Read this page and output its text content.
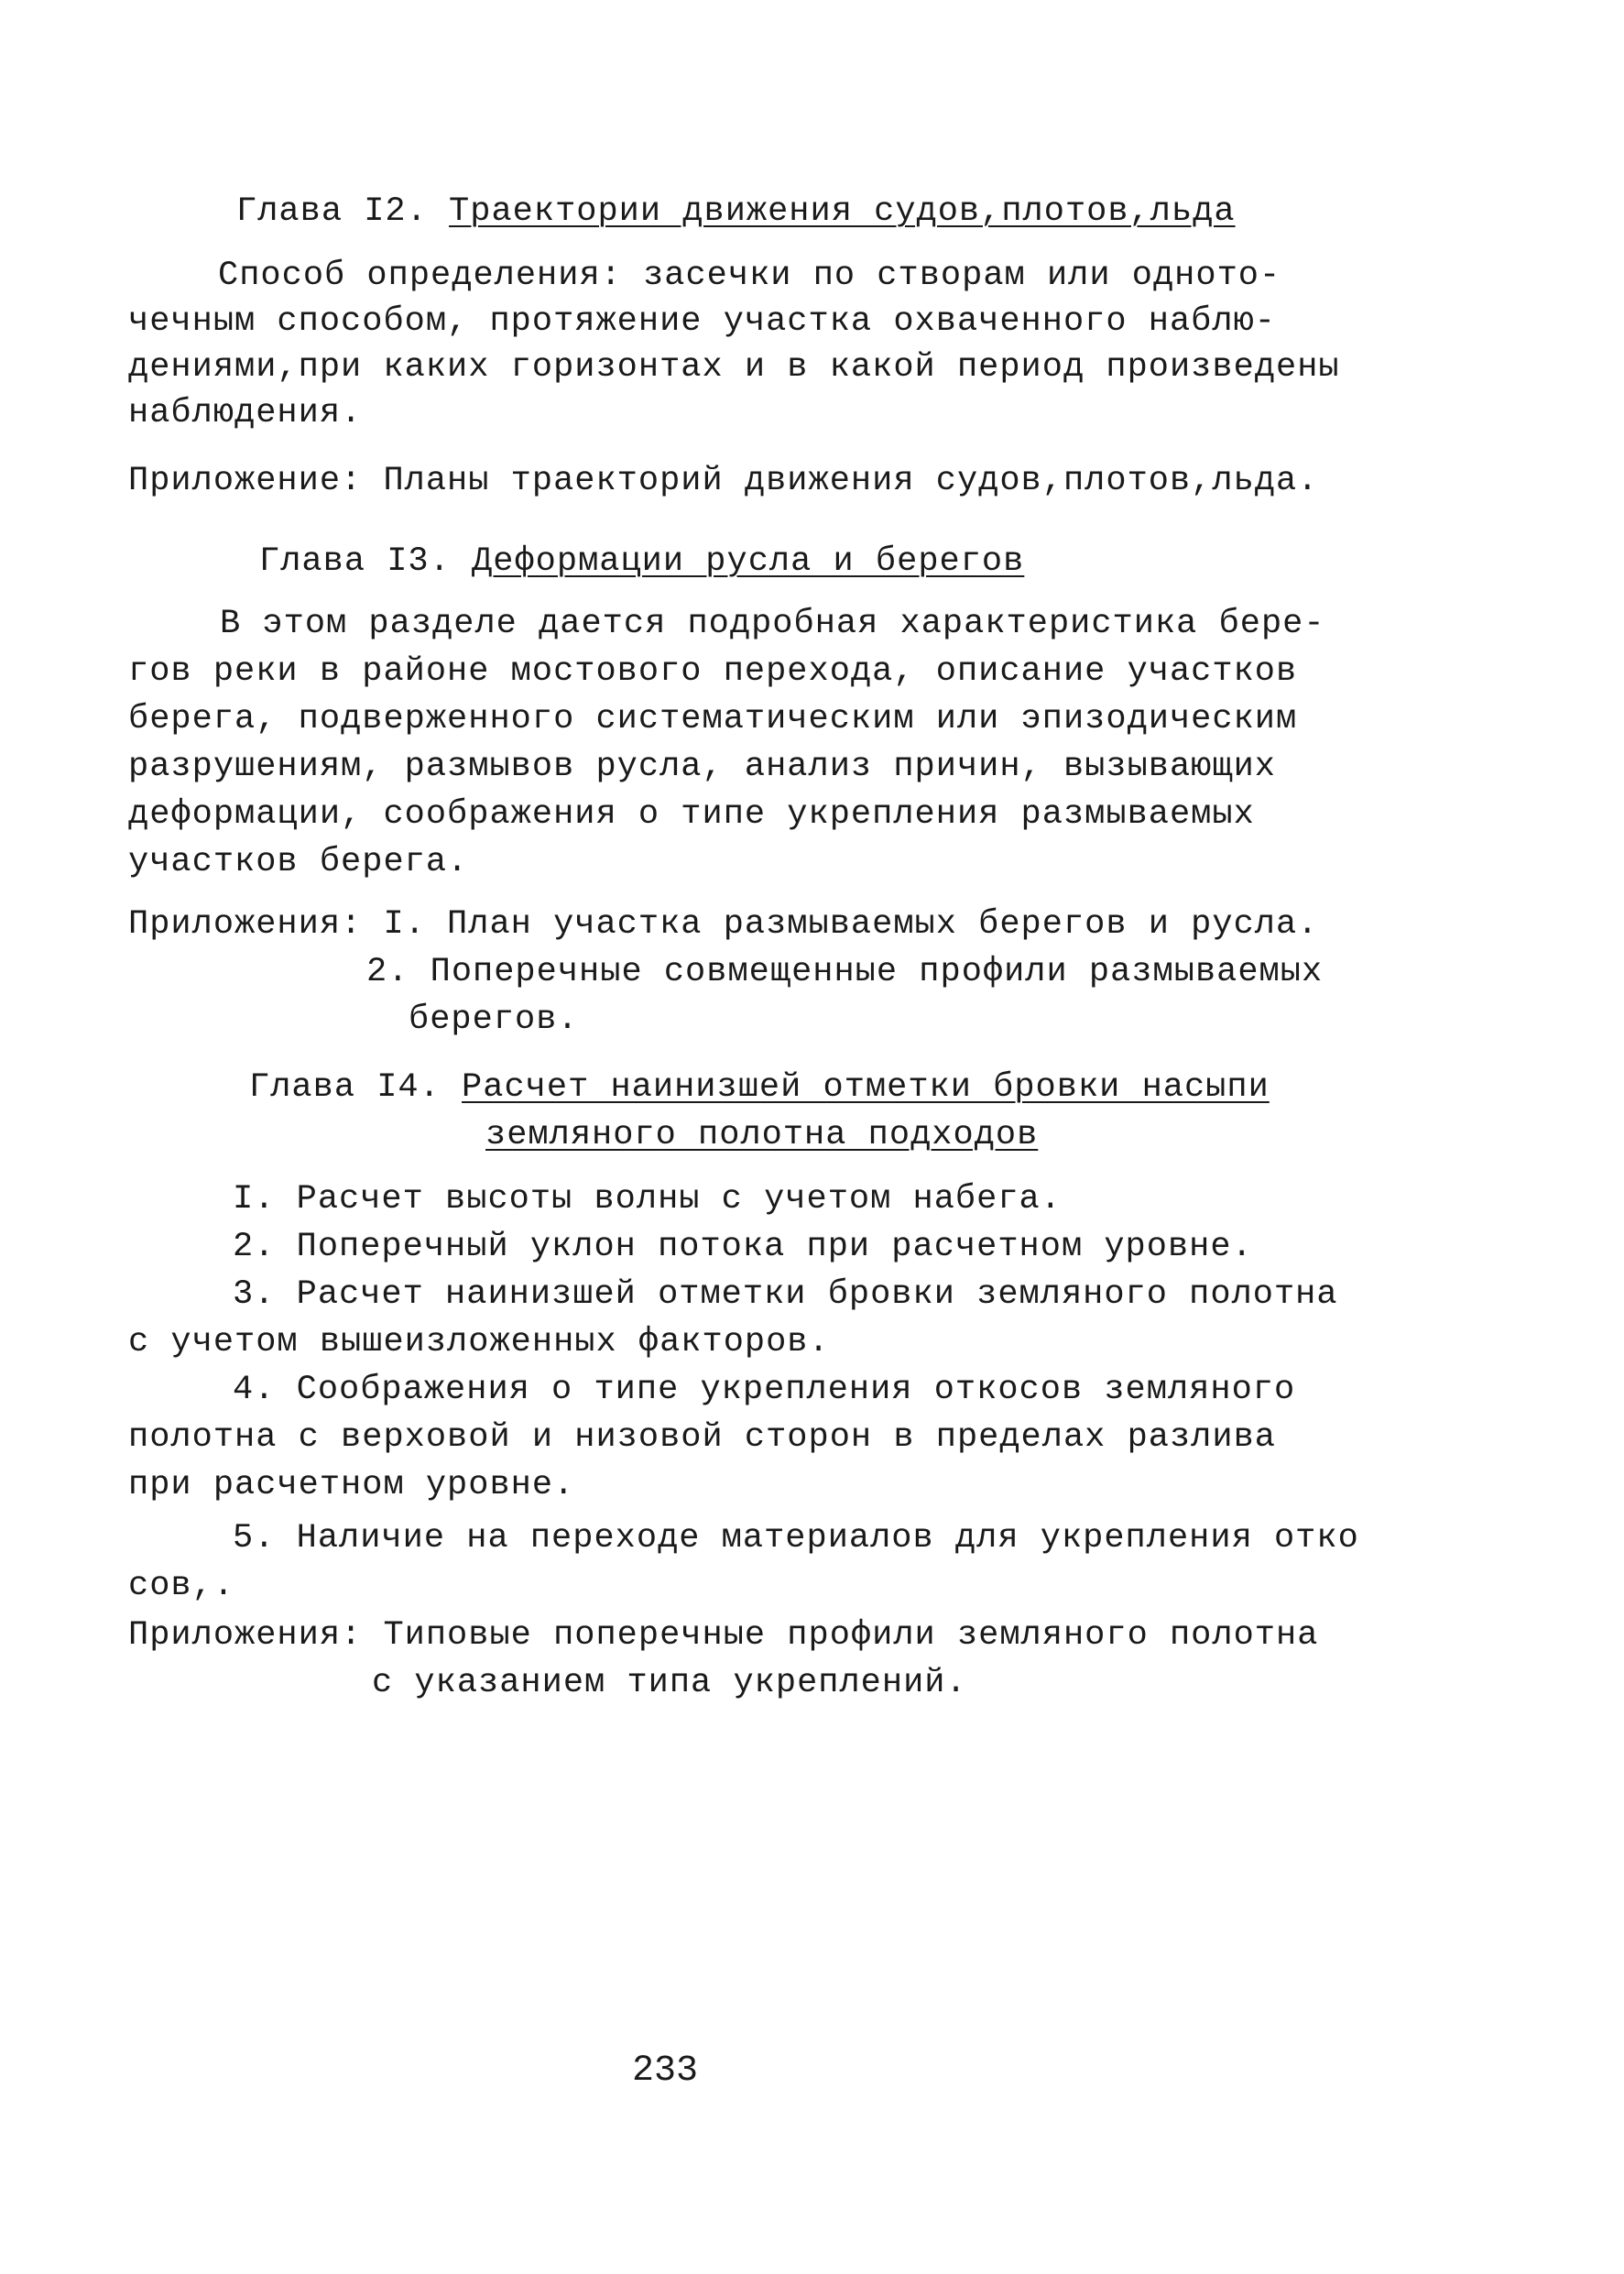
Глава I2. Траектории движения судов,плотов,льда
Способ определения: засечки по створам или одното-
чечным способом, протяжение участка охваченного наблю-
дениями,при каких горизонтах и в какой период произведены
наблюдения.
Приложение: Планы траекторий движения судов,плотов,льда.
Глава I3. Деформации русла и берегов
В этом разделе дается подробная характеристика бере-
гов реки в районе мостового перехода, описание участков
берега, подверженного систематическим или эпизодическим
разрушениям, размывов русла, анализ причин, вызывающих
деформации, соображения о типе укрепления размываемых
участков берега.
Приложения: I. План участка размываемых берегов и русла.
2. Поперечные совмещенные профили размываемых
берегов.
Глава I4. Расчет наинизшей отметки бровки насыпи
земляного полотна подходов
I. Расчет высоты волны с учетом набега.
2. Поперечный уклон потока при расчетном уровне.
3. Расчет наинизшей отметки бровки земляного полотна
с учетом вышеизложенных факторов.
4. Соображения о типе укрепления откосов земляного
полотна с верховой и низовой сторон в пределах разлива
при расчетном уровне.
5. Наличие на переходе материалов для укрепления отко
сов,.
Приложения: Типовые поперечные профили земляного полотна
с указанием типа укреплений.
233
